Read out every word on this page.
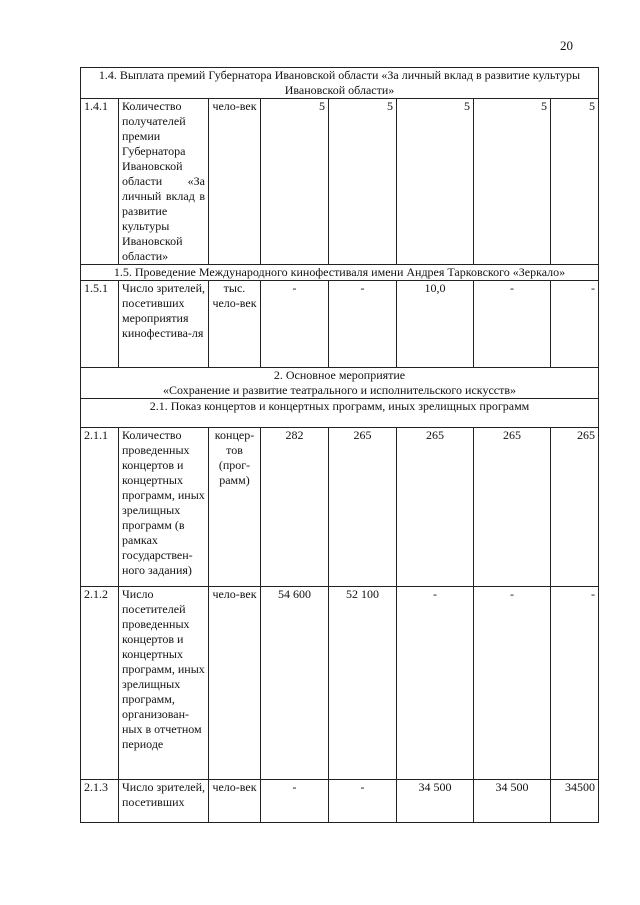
20
1.4. Выплата премий Губернатора Ивановской области «За личный вклад в развитие культуры Ивановской области»							
1.4.1	Количество получателей премии Губернатора Ивановской области «За личный вклад в развитие культуры Ивановской области»	чело-век	5	5	5	5	5
1.5. Проведение Международного кинофестиваля имени Андрея Тарковского «Зеркало»							
1.5.1	Число зрителей, посетивших мероприятия кинофестива-ля	тыс. чело-век	-	-	10,0	-	-

2. Основное мероприятие
«Сохранение и развитие театрального и исполнительского искусств»							

2.1. Показ концертов и концертных программ, иных зрелищных программ							
2.1.1	Количество проведенных концертов и концертных программ, иных зрелищных программ (в рамках государствен-ного задания)	концер-тов (прог-рамм)	282	265	265	265	265
2.1.2	Число посетителей проведенных концертов и концертных программ, иных зрелищных программ, организован-ных в отчетном периоде	чело-век	54 600	52 100	-	-	-
2.1.3	Число зрителей, посетивших	чело-век	-	-	34 500	34 500	34500
